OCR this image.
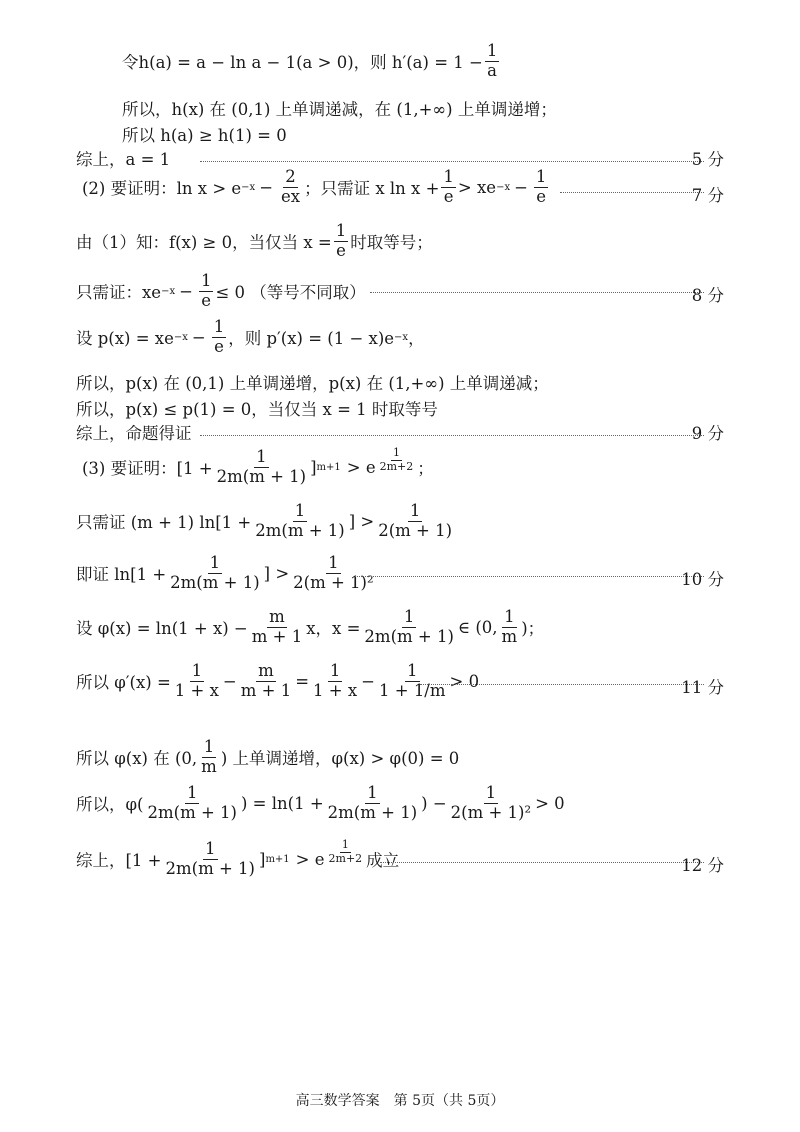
令 h(a) = a − ln a − 1(a > 0)，则 $h'(a) = 1 - \frac{1}{a}$
所以，h(x) 在 (0,1) 上单调递减，在 (1,+∞) 上单调递增；
所以 h(a) ≥ h(1) = 0
综上，a = 1	5 分
(2) 要证明：$\ln x > e -x - \frac{2}{ex}$ ；只需证 x $\ln x + \frac{1}{e}$ > xe $-x - \frac{1}{e}$	7 分
由（1）知：f(x) ≥ 0，当仅当 $x = \frac{1}{e}$ 时取等号；
只需证：xe $-x - \frac{1}{e} \le 0$ （等号不同取）	8 分
设 p(x) = xe $-x - \frac{1}{e}$ ，则 p′(x) = (1 − x)e −x ，
所以，p(x) 在 (0,1) 上单调递增，p(x) 在 (1,+∞) 上单调递减；
所以，p(x) ≤ p(1) = 0，当仅当 x = 1 时取等号
综上，命题得证	9 分
(3) 要证明：[$1 + \frac{1}{2m(m + 1)}$ ] m+1 > e $\frac{1}{2m+2}$ ；
只需证 (m + 1) $\ln[1 + \frac{1}{2m(m + 1)}$ ] > $\frac{1}{2(m + 1)}$
即证 $\ln[1 + \frac{1}{2m(m + 1)}$ ] > $\frac{1}{\text{2(m + 1)²}}$	10 分
设 $\varphi(x) = \ln(1 + x) - \frac{m}{m + 1}$ x，$x = \frac{1}{2m(m + 1)}$ ∈ (0, $\frac{1}{m}$ )；
所以 $\varphi'(x) = \frac{1}{1 + x} - \frac{m}{m + 1} = \frac{1}{1 + x} - \frac{1}{1 + 1/m} > 0$	11 分
所以 φ(x) 在 (0, $\frac{1}{m}$ ) 上单调递增，φ(x) > φ(0) = 0
所以，$\varphi( \frac{1}{2m(m + 1)}$ ) = $\ln(1 + \frac{1}{2m(m + 1)}$ ) − $\frac{1}{\text{2(m + 1)²}} > 0$
综上，[$1 + \frac{1}{2m(m + 1)}$ ] m+1 > e $\frac{1}{2m+2}$ 成立	12 分
高三数学答案　第 5页（共 5页）
